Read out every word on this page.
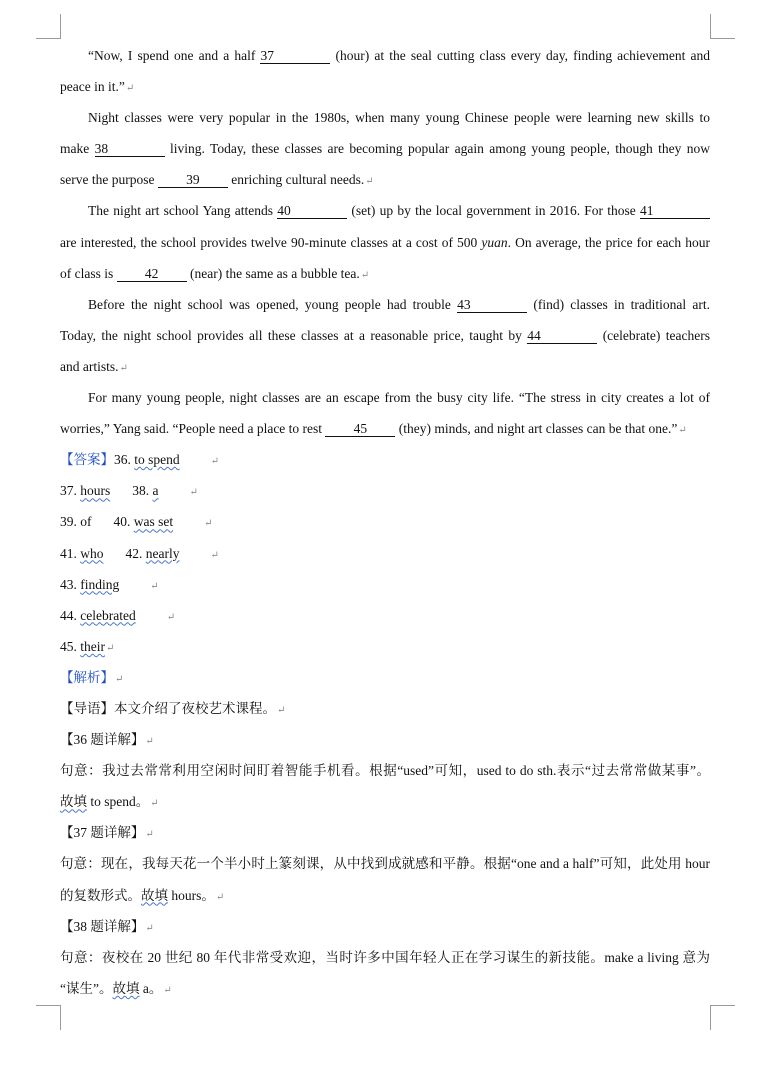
“Now, I spend one and a half 37	(hour) at the seal cutting class every day, finding achievement and
peace in it.”↵
Night classes were very popular in the 1980s, when many young Chinese people were learning new skills to
make 38	living. Today, these classes are becoming popular again among young people, though they now
serve the purpose 39 enriching cultural needs.↵
The night art school Yang attends 40	(set) up by the local government in 2016. For those 41
are interested, the school provides twelve 90-minute classes at a cost of 500 yuan. On average, the price for each hour
of class is 42 (near) the same as a bubble tea.↵
Before the night school was opened, young people had trouble 43	(find) classes in traditional art.
Today, the night school provides all these classes at a reasonable price, taught by 44	(celebrate) teachers
and artists.↵
For many young people, night classes are an escape from the busy city life. “The stress in city creates a lot of
worries,” Yang said. “People need a place to rest 45 (they) minds, and night art classes can be that one.”↵
【答案】36. to spend	↵
37. hours 38. a	↵
39. of 40. was set	↵
41. who 42. nearly	↵
43. finding	↵
44. celebrated	↵
45. their↵
【解析】↵
【导语】本文介绍了夜校艺术课程。↵
【36 题详解】↵
句意：我过去常常利用空闲时间盯着智能手机看。根据“used”可知，used to do sth.表示“过去常常做某事”。
故填 to spend。↵
【37 题详解】↵
句意：现在，我每天花一个半小时上篆刻课，从中找到成就感和平静。根据“one and a half”可知，此处用 hour
的复数形式。故填 hours。↵
【38 题详解】↵
句意：夜校在 20 世纪 80 年代非常受欢迎，当时许多中国年轻人正在学习谋生的新技能。make a living 意为
“谋生”。故填 a。↵
